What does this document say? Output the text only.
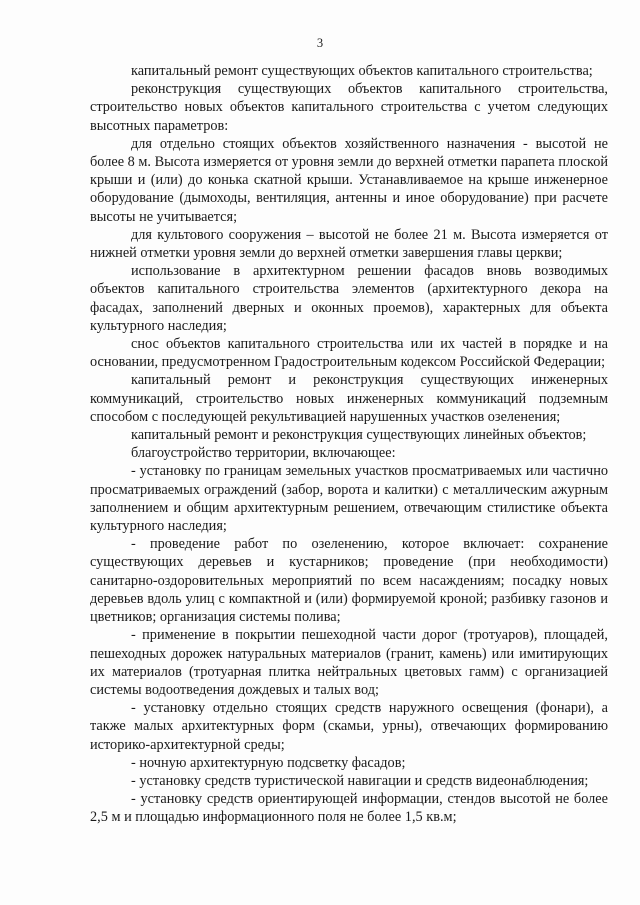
3

капитальный ремонт существующих объектов капитального строительства;

реконструкция существующих объектов капитального строительства, строительство новых объектов капитального строительства с учетом следующих высотных параметров:

для отдельно стоящих объектов хозяйственного назначения - высотой не более 8 м. Высота измеряется от уровня земли до верхней отметки парапета плоской крыши и (или) до конька скатной крыши. Устанавливаемое на крыше инженерное оборудование (дымоходы, вентиляция, антенны и иное оборудование) при расчете высоты не учитывается;

для культового сооружения – высотой не более 21 м. Высота измеряется от нижней отметки уровня земли до верхней отметки завершения главы церкви;

использование в архитектурном решении фасадов вновь возводимых объектов капитального строительства элементов (архитектурного декора на фасадах, заполнений дверных и оконных проемов), характерных для объекта культурного наследия;

снос объектов капитального строительства или их частей в порядке и на основании, предусмотренном Градостроительным кодексом Российской Федерации;

капитальный ремонт и реконструкция существующих инженерных коммуникаций, строительство новых инженерных коммуникаций подземным способом с последующей рекультивацией нарушенных участков озеленения;

капитальный ремонт и реконструкция существующих линейных объектов;

благоустройство территории, включающее:

- установку по границам земельных участков просматриваемых или частично просматриваемых ограждений (забор, ворота и калитки) с металлическим ажурным заполнением и общим архитектурным решением, отвечающим стилистике объекта культурного наследия;

- проведение работ по озеленению, которое включает: сохранение существующих деревьев и кустарников; проведение (при необходимости) санитарно-оздоровительных мероприятий по всем насаждениям; посадку новых деревьев вдоль улиц с компактной и (или) формируемой кроной; разбивку газонов и цветников; организация системы полива;

- применение в покрытии пешеходной части дорог (тротуаров), площадей, пешеходных дорожек натуральных материалов (гранит, камень) или имитирующих их материалов (тротуарная плитка нейтральных цветовых гамм) с организацией системы водоотведения дождевых и талых вод;

- установку отдельно стоящих средств наружного освещения (фонари), а также малых архитектурных форм (скамьи, урны), отвечающих формированию историко-архитектурной среды;

- ночную архитектурную подсветку фасадов;

- установку средств туристической навигации и средств видеонаблюдения;

- установку средств ориентирующей информации, стендов высотой не более 2,5 м и площадью информационного поля не более 1,5 кв.м;
